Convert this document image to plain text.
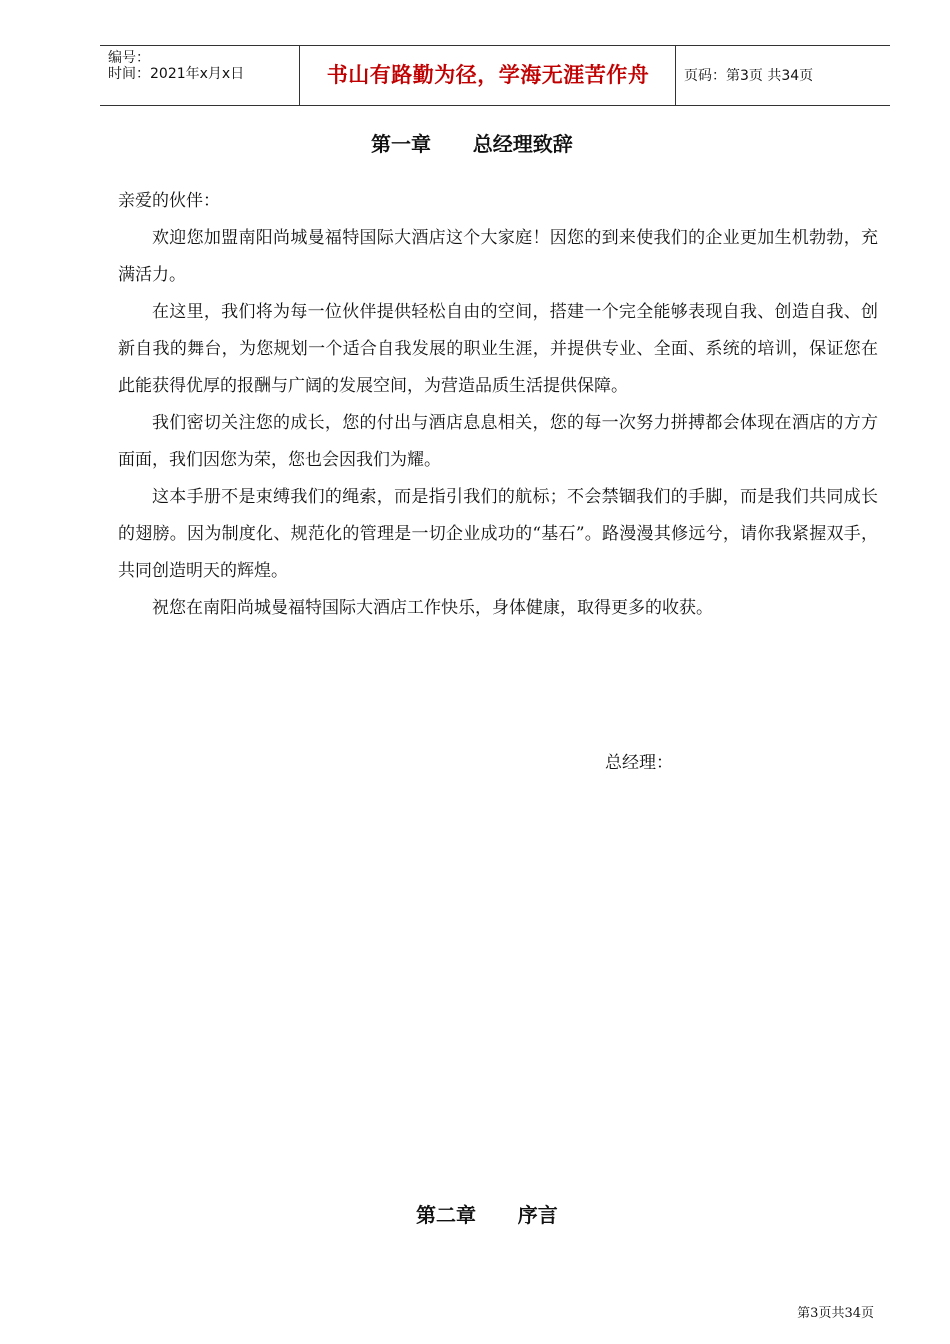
编号：
时间：2021年x月x日	书山有路勤为径，学海无涯苦作舟	页码：第3页 共34页
第一章      总经理致辞

亲爱的伙伴：

欢迎您加盟南阳尚城曼福特国际大酒店这个大家庭！因您的到来使我们的企业更加生机勃勃，充满活力。

在这里，我们将为每一位伙伴提供轻松自由的空间，搭建一个完全能够表现自我、创造自我、创新自我的舞台，为您规划一个适合自我发展的职业生涯，并提供专业、全面、系统的培训，保证您在此能获得优厚的报酬与广阔的发展空间，为营造品质生活提供保障。

我们密切关注您的成长，您的付出与酒店息息相关，您的每一次努力拼搏都会体现在酒店的方方面面，我们因您为荣，您也会因我们为耀。

这本手册不是束缚我们的绳索，而是指引我们的航标；不会禁锢我们的手脚，而是我们共同成长的翅膀。因为制度化、规范化的管理是一切企业成功的“基石”。路漫漫其修远兮，请你我紧握双手，共同创造明天的辉煌。

祝您在南阳尚城曼福特国际大酒店工作快乐，身体健康，取得更多的收获。

总经理：
第二章      序言
第3页共34页
